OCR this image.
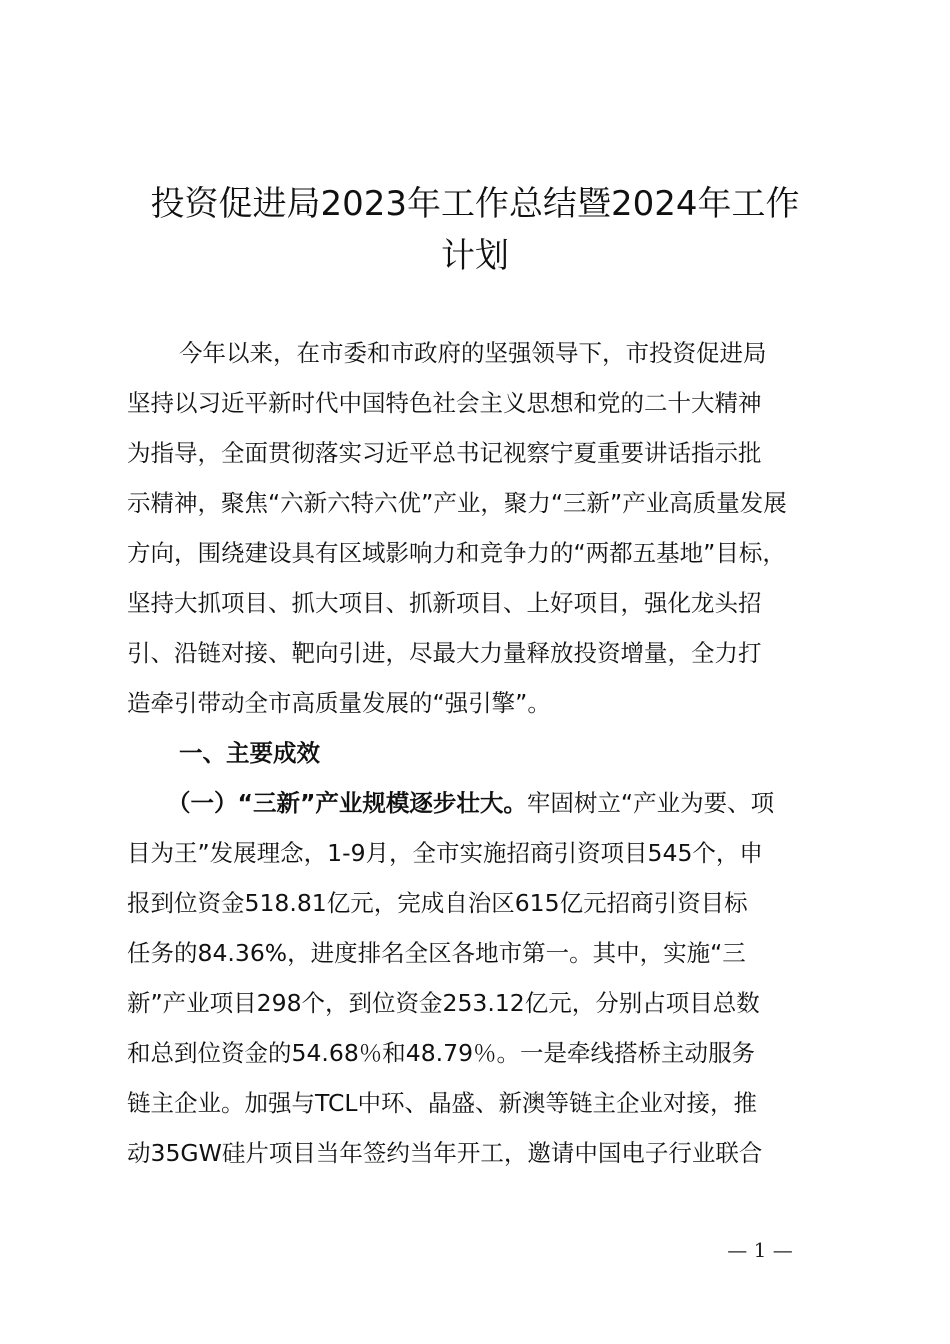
投资促进局2023年工作总结暨2024年工作
计划
今年以来，在市委和市政府的坚强领导下，市投资促进局
坚持以习近平新时代中国特色社会主义思想和党的二十大精神
为指导，全面贯彻落实习近平总书记视察宁夏重要讲话指示批
示精神，聚焦“六新六特六优”产业，聚力“三新”产业高质量发展
方向，围绕建设具有区域影响力和竞争力的“两都五基地”目标，
坚持大抓项目、抓大项目、抓新项目、上好项目，强化龙头招
引、沿链对接、靶向引进，尽最大力量释放投资增量，全力打
造牵引带动全市高质量发展的“强引擎”。
一、主要成效
（一）“三新”产业规模逐步壮大。牢固树立“产业为要、项
目为王”发展理念，1-9月，全市实施招商引资项目545个，申
报到位资金518.81亿元，完成自治区615亿元招商引资目标
任务的84.36%，进度排名全区各地市第一。其中，实施“三
新”产业项目298个，到位资金253.12亿元，分别占项目总数
和总到位资金的54.68％和48.79％。一是牵线搭桥主动服务
链主企业。加强与TCL中环、晶盛、新澳等链主企业对接，推
动35GW硅片项目当年签约当年开工，邀请中国电子行业联合
— 1 —
